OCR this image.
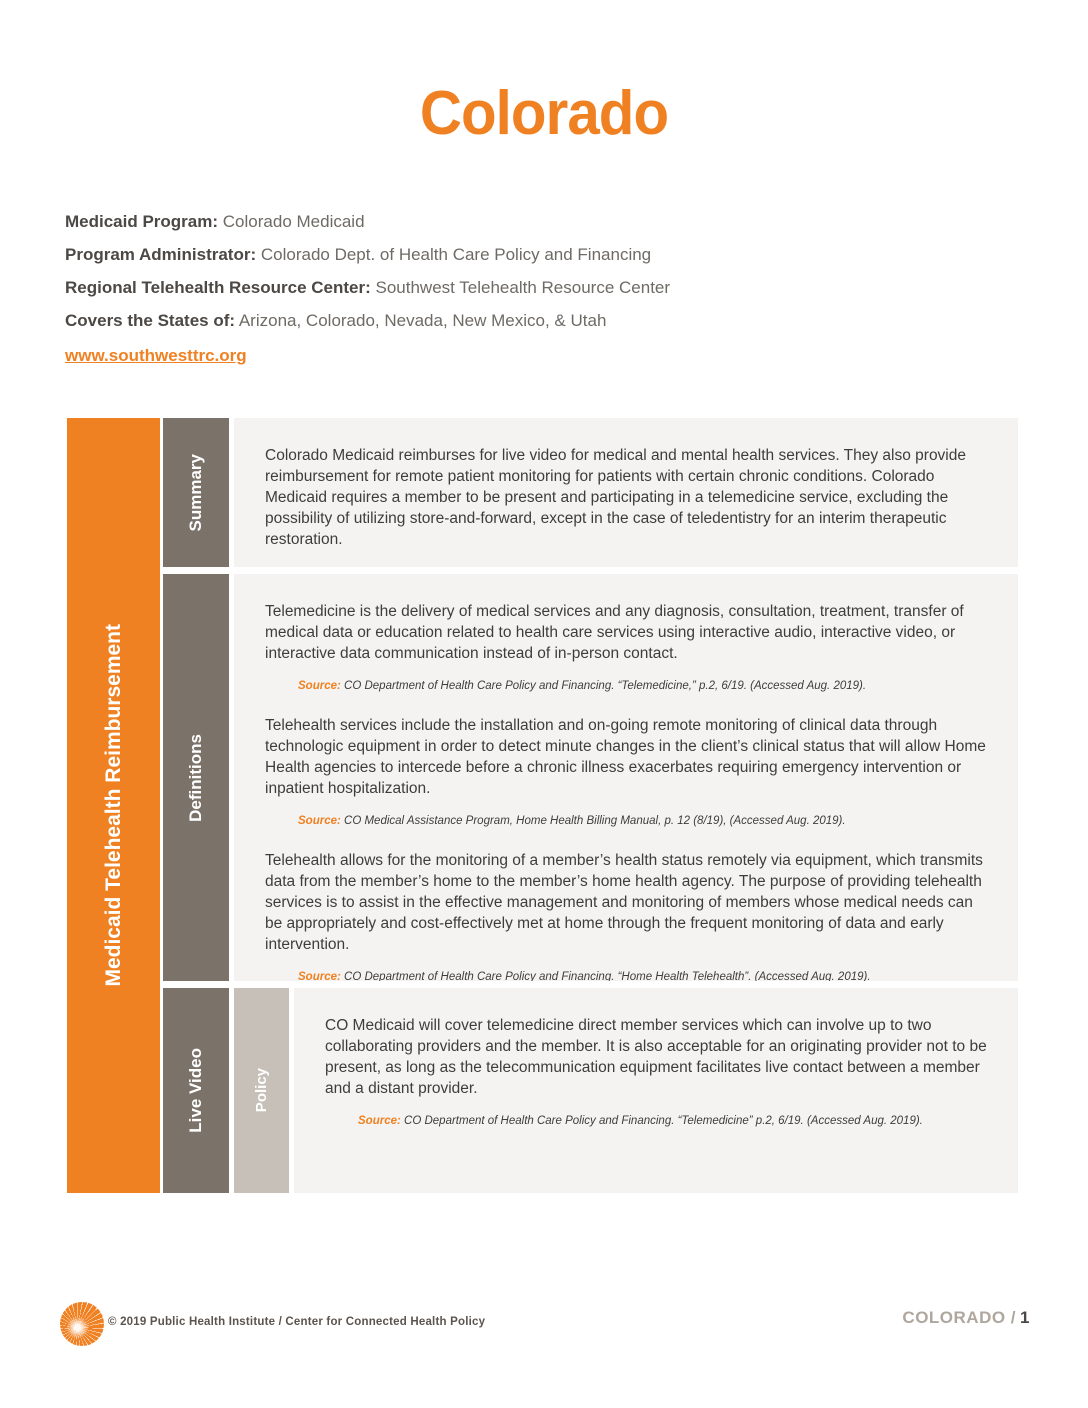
Colorado
Medicaid Program: Colorado Medicaid
Program Administrator: Colorado Dept. of Health Care Policy and Financing
Regional Telehealth Resource Center: Southwest Telehealth Resource Center
Covers the States of: Arizona, Colorado, Nevada, New Mexico, & Utah
www.southwesttrc.org
Medicaid Telehealth Reimbursement
Summary	Colorado Medicaid reimburses for live video for medical and mental health services. They also provide reimbursement for remote patient monitoring for patients with certain chronic conditions. Colorado Medicaid requires a member to be present and participating in a telemedicine service, excluding the possibility of utilizing store-and-forward, except in the case of teledentistry for an interim therapeutic restoration.

Definitions

Telemedicine is the delivery of medical services and any diagnosis, consultation, treatment, transfer of medical data or education related to health care services using interactive audio, interactive video, or interactive data communication instead of in-person contact.

Source: CO Department of Health Care Policy and Financing. “Telemedicine,” p.2, 6/19. (Accessed Aug. 2019).

Telehealth services include the installation and on-going remote monitoring of clinical data through technologic equipment in order to detect minute changes in the client’s clinical status that will allow Home Health agencies to intercede before a chronic illness exacerbates requiring emergency intervention or inpatient hospitalization.

Source: CO Medical Assistance Program, Home Health Billing Manual, p. 12 (8/19), (Accessed Aug. 2019).

Telehealth allows for the monitoring of a member’s health status remotely via equipment, which transmits data from the member’s home to the member’s home health agency. The purpose of providing telehealth services is to assist in the effective management and monitoring of members whose medical needs can be appropriately and cost-effectively met at home through the frequent monitoring of data and early intervention.

Source: CO Department of Health Care Policy and Financing. “Home Health Telehealth”. (Accessed Aug. 2019).
Live Video	Policy

CO Medicaid will cover telemedicine direct member services which can involve up to two collaborating providers and the member. It is also acceptable for an originating provider not to be present, as long as the telecommunication equipment facilitates live contact between a member and a distant provider.

Source: CO Department of Health Care Policy and Financing. “Telemedicine” p.2, 6/19. (Accessed Aug. 2019).
© 2019 Public Health Institute / Center for Connected Health Policy	COLORADO / 1
